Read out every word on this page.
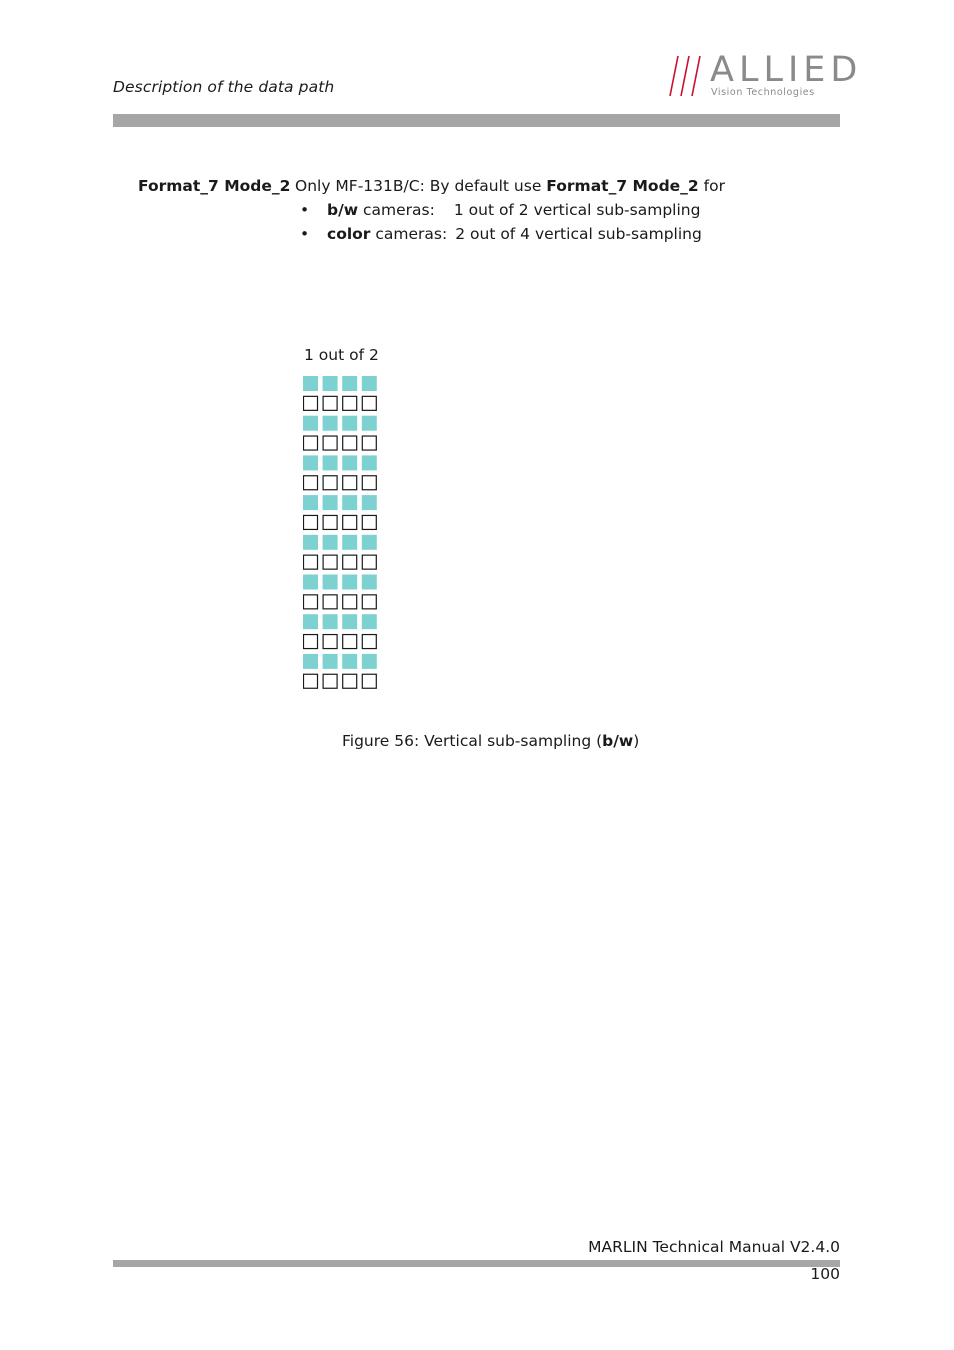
Description of the data path	ALLIED
Vision Technologies
Format_7 Mode_2 Only MF-131B/C: By default use Format_7 Mode_2 for
• b/w cameras: 1 out of 2 vertical sub-sampling
• color cameras: 2 out of 4 vertical sub-sampling
1 out of 2
Figure 56: Vertical sub-sampling (b/w)
MARLIN Technical Manual V2.4.0
100
